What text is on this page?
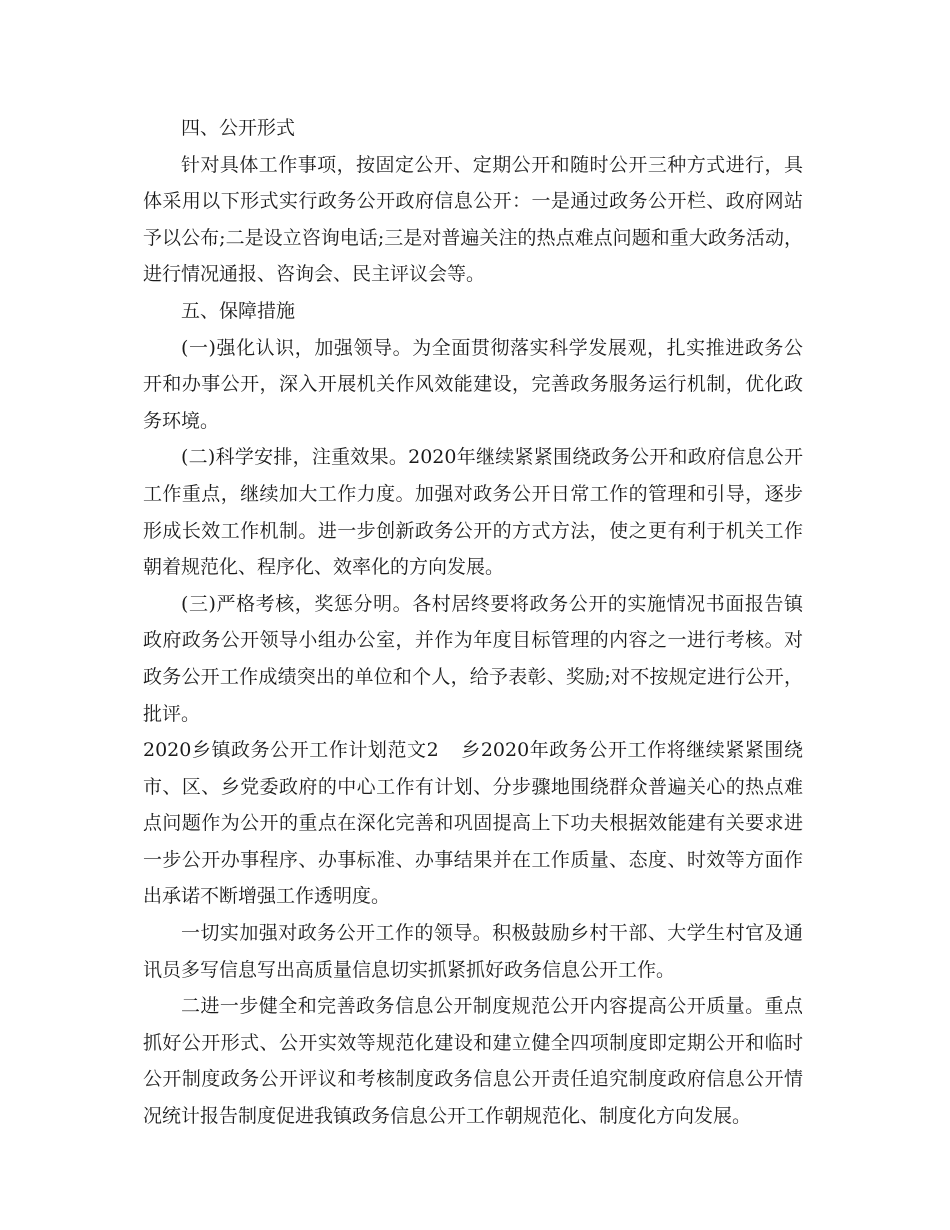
四、公开形式

针对具体工作事项，按固定公开、定期公开和随时公开三种方式进行，具体采用以下形式实行政务公开政府信息公开：一是通过政务公开栏、政府网站予以公布;二是设立咨询电话;三是对普遍关注的热点难点问题和重大政务活动，进行情况通报、咨询会、民主评议会等。

五、保障措施

(一)强化认识，加强领导。为全面贯彻落实科学发展观，扎实推进政务公开和办事公开，深入开展机关作风效能建设，完善政务服务运行机制，优化政务环境。

(二)科学安排，注重效果。2020年继续紧紧围绕政务公开和政府信息公开工作重点，继续加大工作力度。加强对政务公开日常工作的管理和引导，逐步形成长效工作机制。进一步创新政务公开的方式方法，使之更有利于机关工作朝着规范化、程序化、效率化的方向发展。

(三)严格考核，奖惩分明。各村居终要将政务公开的实施情况书面报告镇政府政务公开领导小组办公室，并作为年度目标管理的内容之一进行考核。对政务公开工作成绩突出的单位和个人，给予表彰、奖励;对不按规定进行公开，批评。

2020乡镇政务公开工作计划范文2 乡2020年政务公开工作将继续紧紧围绕市、区、乡党委政府的中心工作有计划、分步骤地围绕群众普遍关心的热点难点问题作为公开的重点在深化完善和巩固提高上下功夫根据效能建有关要求进一步公开办事程序、办事标准、办事结果并在工作质量、态度、时效等方面作出承诺不断增强工作透明度。

一切实加强对政务公开工作的领导。积极鼓励乡村干部、大学生村官及通讯员多写信息写出高质量信息切实抓紧抓好政务信息公开工作。

二进一步健全和完善政务信息公开制度规范公开内容提高公开质量。重点抓好公开形式、公开实效等规范化建设和建立健全四项制度即定期公开和临时公开制度政务公开评议和考核制度政务信息公开责任追究制度政府信息公开情况统计报告制度促进我镇政务信息公开工作朝规范化、制度化方向发展。
